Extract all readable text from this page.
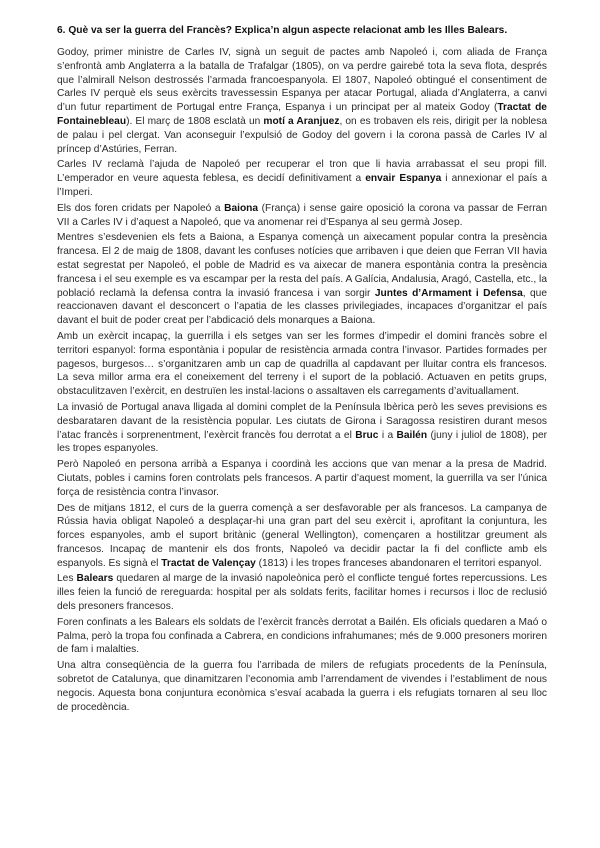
6. Què va ser la guerra del Francès? Explica’n algun aspecte relacionat amb les Illes Balears.

Godoy, primer ministre de Carles IV, signà un seguit de pactes amb Napoleó i, com aliada de França s’enfrontà amb Anglaterra a la batalla de Trafalgar (1805), on va perdre gairebé tota la seva flota, després que l’almirall Nelson destrossés l’armada francoespanyola. El 1807, Napoleó obtingué el consentiment de Carles IV perquè els seus exèrcits travessessin Espanya per atacar Portugal, aliada d’Anglaterra, a canvi d’un futur repartiment de Portugal entre França, Espanya i un principat per al mateix Godoy (Tractat de Fontainebleau). El març de 1808 esclatà un motí a Aranjuez, on es trobaven els reis, dirigit per la noblesa de palau i pel clergat. Van aconseguir l’expulsió de Godoy del govern i la corona passà de Carles IV al príncep d’Astúries, Ferran.

Carles IV reclamà l’ajuda de Napoleó per recuperar el tron que li havia arrabassat el seu propi fill. L’emperador en veure aquesta feblesa, es decidí definitivament a envair Espanya i annexionar el país a l’Imperi.

Els dos foren cridats per Napoleó a Baiona (França) i sense gaire oposició la corona va passar de Ferran VII a Carles IV i d’aquest a Napoleó, que va anomenar rei d’Espanya al seu germà Josep.

Mentres s’esdevenien els fets a Baiona, a Espanya començà un aixecament popular contra la presència francesa. El 2 de maig de 1808, davant les confuses notícies que arribaven i que deien que Ferran VII havia estat segrestat per Napoleó, el poble de Madrid es va aixecar de manera espontània contra la presència francesa i el seu exemple es va escampar per la resta del país. A Galícia, Andalusia, Aragó, Castella, etc., la població reclamà la defensa contra la invasió francesa i van sorgir Juntes d’Armament i Defensa, que reaccionaven davant el desconcert o l’apatia de les classes privilegiades, incapaces d’organitzar el país davant el buit de poder creat per l’abdicació dels monarques a Baiona.

Amb un exèrcit incapaç, la guerrilla i els setges van ser les formes d’impedir el domini francès sobre el territori espanyol: forma espontània i popular de resistència armada contra l’invasor. Partides formades per pagesos, burgesos… s’organitzaren amb un cap de quadrilla al capdavant per lluitar contra els francesos. La seva millor arma era el coneixement del terreny i el suport de la població. Actuaven en petits grups, obstaculitzaven l’exèrcit, en destruïen les instal·lacions o assaltaven els carregaments d’avituallament.

La invasió de Portugal anava lligada al domini complet de la Península Ibèrica però les seves previsions es desbarataren davant de la resistència popular. Les ciutats de Girona i Saragossa resistiren durant mesos l’atac francès i sorprenentment, l’exèrcit francès fou derrotat a el Bruc i a Bailén (juny i juliol de 1808), per les tropes espanyoles.

Però Napoleó en persona arribà a Espanya i coordinà les accions que van menar a la presa de Madrid. Ciutats, pobles i camins foren controlats pels francesos. A partir d’aquest moment, la guerrilla va ser l’única força de resistència contra l’invasor.

Des de mitjans 1812, el curs de la guerra començà a ser desfavorable per als francesos. La campanya de Rússia havia obligat Napoleó a desplaçar-hi una gran part del seu exèrcit i, aprofitant la conjuntura, les forces espanyoles, amb el suport britànic (general Wellington), començaren a hostilitzar greument als francesos. Incapaç de mantenir els dos fronts, Napoleó va decidir pactar la fi del conflicte amb els espanyols. Es signà el Tractat de Valençay (1813) i les tropes franceses abandonaren el territori espanyol.

Les Balears quedaren al marge de la invasió napoleònica però el conflicte tengué fortes repercussions. Les illes feien la funció de rereguarda: hospital per als soldats ferits, facilitar homes i recursos i lloc de reclusió dels presoners francesos.

Foren confinats a les Balears els soldats de l’exèrcit francès derrotat a Bailén. Els oficials quedaren a Maó o Palma, però la tropa fou confinada a Cabrera, en condicions infrahumanes; més de 9.000 presoners moriren de fam i malalties.

Una altra conseqüència de la guerra fou l’arribada de milers de refugiats procedents de la Península, sobretot de Catalunya, que dinamitzaren l’economia amb l’arrendament de vivendes i l’establiment de nous negocis. Aquesta bona conjuntura econòmica s’esvaí acabada la guerra i els refugiats tornaren al seu lloc de procedència.
